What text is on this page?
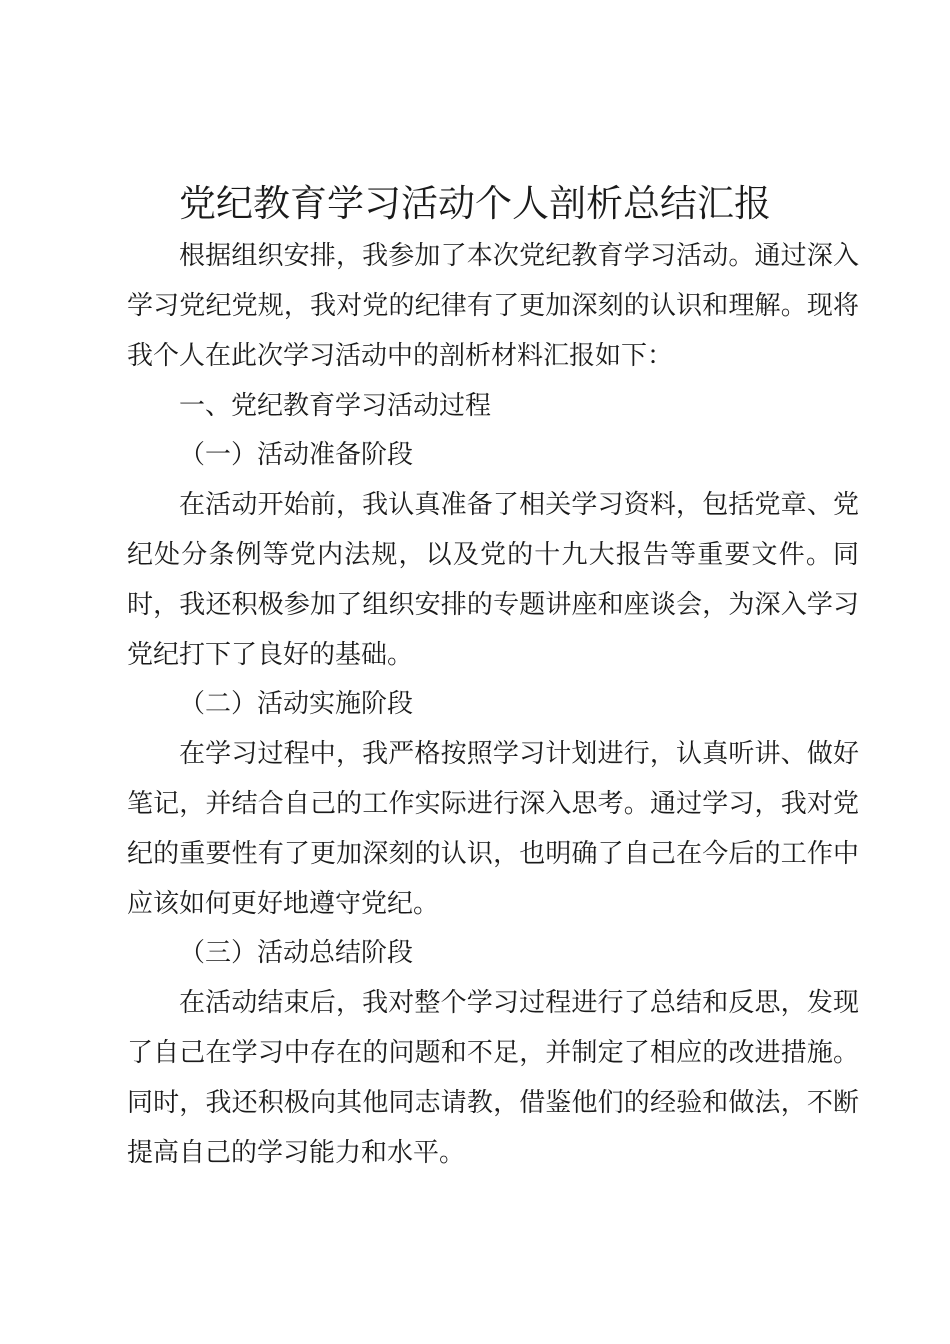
党纪教育学习活动个人剖析总结汇报

根据组织安排，我参加了本次党纪教育学习活动。通过深入学习党纪党规，我对党的纪律有了更加深刻的认识和理解。现将我个人在此次学习活动中的剖析材料汇报如下：

一、党纪教育学习活动过程

（一）活动准备阶段

在活动开始前，我认真准备了相关学习资料，包括党章、党纪处分条例等党内法规，以及党的十九大报告等重要文件。同时，我还积极参加了组织安排的专题讲座和座谈会，为深入学习党纪打下了良好的基础。

（二）活动实施阶段

在学习过程中，我严格按照学习计划进行，认真听讲、做好笔记，并结合自己的工作实际进行深入思考。通过学习，我对党纪的重要性有了更加深刻的认识，也明确了自己在今后的工作中应该如何更好地遵守党纪。

（三）活动总结阶段

在活动结束后，我对整个学习过程进行了总结和反思，发现了自己在学习中存在的问题和不足，并制定了相应的改进措施。同时，我还积极向其他同志请教，借鉴他们的经验和做法，不断提高自己的学习能力和水平。
